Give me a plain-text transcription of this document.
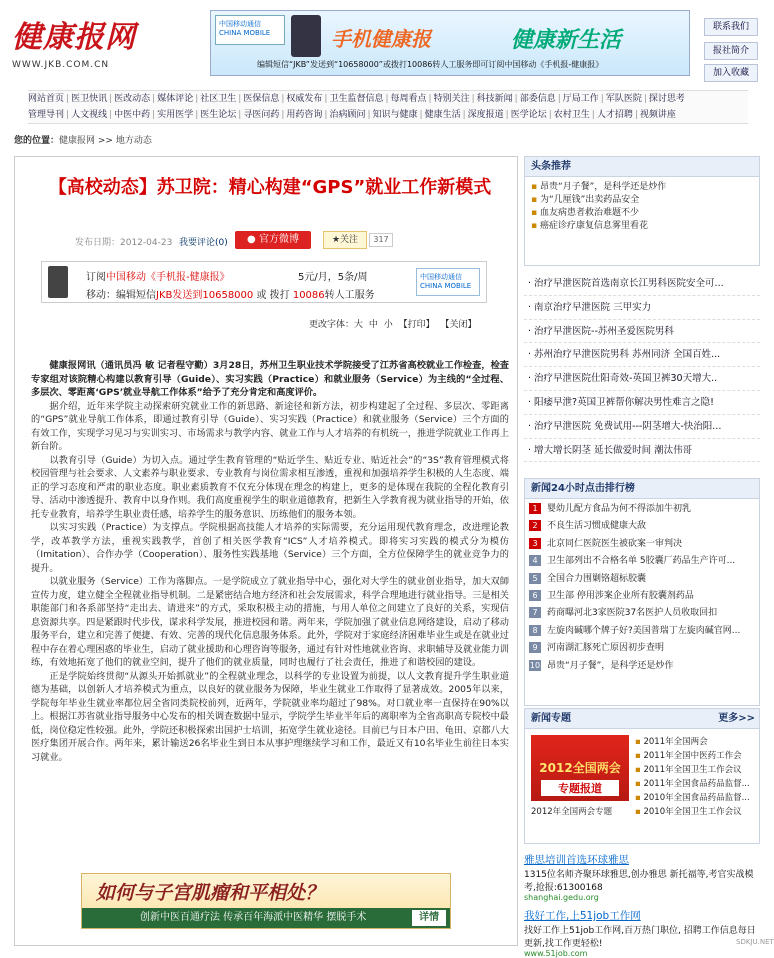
健康报网
WWW.JKB.COM.CN
中国移动通信 CHINA MOBILE	手机健康报	健康新生活
编辑短信“JKB”发送到“10658000”或拨打10086转人工服务即可订阅中国移动《手机报-健康报》
联系我们
报社简介
加入收藏
网站首页 | 医卫快讯 | 医改动态 | 媒体评论 | 社区卫生 | 医保信息 | 权威发布 | 卫生监督信息 | 每周看点 | 特别关注 | 科技新闻 | 部委信息 | 厅局工作 | 军队医院 | 探讨思考
管理导刊 | 人文视线 | 中医中药 | 实用医学 | 医生论坛 | 寻医问药 | 用药咨询 | 治病顾问 | 知识与健康 | 健康生活 | 深度报道 | 医学论坛 | 农村卫生 | 人才招聘 | 视频讲座
您的位置：健康报网 >> 地方动态
【高校动态】苏卫院：精心构建“GPS”就业工作新模式
发布日期：2012-04-23 我要评论(0)	● 官方微博	★关注	317
订阅中国移动《手机报-健康报》	5元/月，5条/周
移动：编辑短信JKB发送到10658000 或 拨打 10086转人工服务
中国移动通信 CHINA MOBILE
更改字体：大 中 小 【打印】 【关闭】

健康报网讯（通讯员冯 敏 记者程守勤）3月28日，苏州卫生职业技术学院接受了江苏省高校就业工作检查，检查专家组对该院精心构建以教育引导（Guide）、实习实践（Practice）和就业服务（Service）为主线的“全过程、多层次、零距离‘GPS’就业导航工作体系”给予了充分肯定和高度评价。

据介绍，近年来学院主动探索研究就业工作的新思路、新途径和新方法，初步构建起了全过程、多层次、零距离的“GPS”就业导航工作体系，即通过教育引导（Guide）、实习实践（Practice）和就业服务（Service）三个方面的有效工作，实现学习见习与实训实习、市场需求与教学内容、就业工作与人才培养的有机统一，推进学院就业工作再上新台阶。

以教育引导（Guide）为切入点。通过学生教育管理的“贴近学生、贴近专业、贴近社会”的“3S”教育管理模式将校园管理与社会要求、人文素养与职业要求、专业教育与岗位需求相互渗透，重视和加强培养学生积极的人生态度、端正的学习态度和严肃的职业态度。职业素质教育不仅充分体现在理念的构建上，更多的是体现在我院的全程化教育引导、活动中渗透提升、教育中以身作则。我们高度重视学生的职业道德教育，把新生入学教育视为就业指导的开始，依托专业教育，培养学生职业责任感，培养学生的服务意识、历练他们的服务本领。

以实习实践（Practice）为支撑点。学院根据高技能人才培养的实际需要，充分运用现代教育理念，改进理论教学，改革教学方法，重视实践教学，首创了相关医学教育“ICS”人才培养模式。即将实习实践的模式分为模仿（Imitation）、合作办学（Cooperation）、服务性实践基地（Service）三个方面，全方位保障学生的就业竞争力的提升。

以就业服务（Service）工作为落脚点。一是学院成立了就业指导中心，强化对大学生的就业创业指导，加大双師宣传力度，建立健全全程就业指导机制。二是紧密结合地方经济和社会发展需求，科学合理地进行就业指导。三是相关职能部门和各系部坚持“走出去、请进来”的方式，采取积极主动的措施，与用人单位之间建立了良好的关系，实现信息资源共享。四是紧跟时代步伐，谋求科学发展，推进校园和谐。两年来，学院加强了就业信息网络建设，启动了移动服务平台，建立和完善了便捷、有效、完善的现代化信息服务体系。此外，学院对于家庭经济困难毕业生或是在就业过程中存在着心理困惑的毕业生，启动了就业援助和心理咨询等服务，通过有针对性地就业咨询、求职辅导及就业能力训练，有效地拓宽了他们的就业空间，提升了他们的就业质量，同时也履行了社会责任，推进了和谐校园的建设。

正是学院始终贯彻“从源头开始抓就业”的全程就业理念，以科学的专业设置为前提，以人文教育提升学生职业道德为基础，以创新人才培养模式为重点，以良好的就业服务为保障，毕业生就业工作取得了显著成效。2005年以来，学院每年毕业生就业率都位居全省同类院校前列，近两年，学院就业率均超过了98%。对口就业率一直保持在90%以上。根据江苏省就业指导服务中心发布的相关调查数据中显示，学院学生毕业半年后的离职率为全省高职高专院校中最低，岗位稳定性较强。此外，学院还积极探索出国护士培训，拓宽学生就业途径。目前已与日本户田、龟田、京都八大医疗集团开展合作。两年来，累计输送26名毕业生到日本从事护理继续学习和工作，最近又有10名毕业生前往日本实习就业。

如何与子宫肌瘤和平相处？
创新中医百通疗法 传承百年海派中医精华 摆脱手术	详情
头条推荐
▪ 昂贵“月子餐”，是科学还是炒作
▪ 为“几厘钱”出卖药品安全
▪ 血友病患者救治难题不少
▪ 癌症诊疗康复信息雾里看花
· 治疗早泄医院首选南京长江男科医院安全可...
· 南京治疗早泄医院 三甲实力
· 治疗早泄医院--苏州圣爱医院男科
· 苏州治疗早泄医院男科 苏州同济 全国百姓...
· 治疗早泄医院仕阳奇效-英国卫裤30天增大..
· 阳痿早泄?英国卫裤帮你解决男性难言之隐!
· 治疗早泄医院 免费试用---阴茎增大-快治阳...
· 增大增长阴茎 延长做爱时间 潮汰伟哥
新闻24小时点击排行榜
1 婴幼儿配方食品为何不得添加牛初乳
2 不良生活习惯成健康大敌
3 北京同仁医院医生被砍案一审判决
4 卫生部列出不合格名单 5胶囊厂药品生产许可...
5 全国合力围剿铬超标胶囊
6 卫生部 停用涉案企业所有胶囊剂药品
7 药商曝河北3家医院37名医护人员收取回扣
8 左旋肉碱哪个牌子好?美国普瑞丁左旋肉碱官网...
9 河南湖汇豚死亡原因初步查明
10 昂贵“月子餐”，是科学还是炒作
新闻专题	更多>>
2012全国两会
专题报道
2012年全国两会专题
▪ 2011年全国两会
▪ 2011年全国中医药工作会
▪ 2011年全国卫生工作会议
▪ 2011年全国食品药品监督...
▪ 2010年全国食品药品监督...
▪ 2010年全国卫生工作会议
雅思培训首选环球雅思
1315位名师齐聚环球雅思,创办雅思 新托福等,考官实战模考,抢报:61300168
shanghai.gedu.org
我好工作,上51job工作网
找好工作上51job工作网,百万热门职位, 招聘工作信息每日更新,找工作更轻松!
www.51job.com
SDKJU.NET
